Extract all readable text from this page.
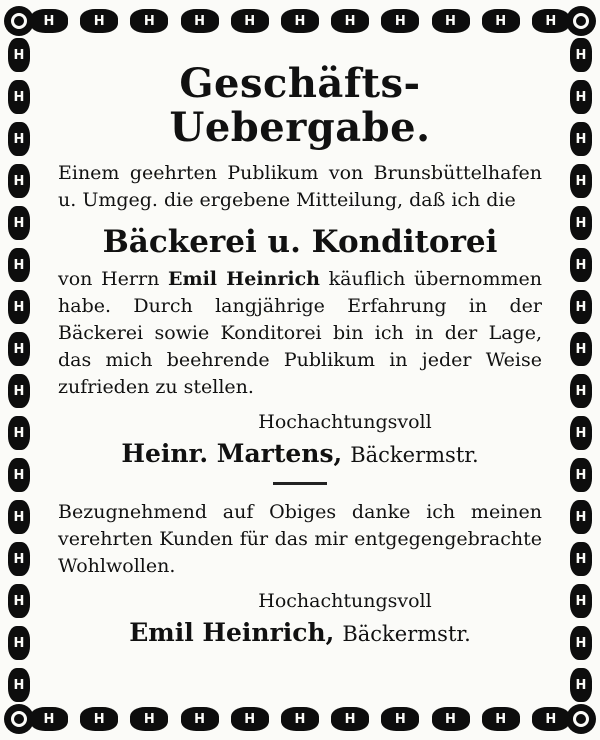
H
H
H
H
H
H
H
H
H
H
H
H
H
H
H
H
H
H
H
H
H
H
H
H
H
H
H
H
H
H
H
H
H
H
H
H
H
H
H
H
H
H
H
H
H
H
H
H
H
H
H
H
H
H
Geschäfts-Uebergabe.

Einem geehrten Publikum von Brunsbüttelhafen u. Umgeg. die ergebene Mitteilung, daß ich die

Bäckerei u. Konditorei

von Herrn Emil Heinrich käuflich übernommen habe. Durch langjährige Erfahrung in der Bäckerei sowie Konditorei bin ich in der Lage, das mich beehrende Publikum in jeder Weise zufrieden zu stellen.

Hochachtungsvoll
Heinr. Martens, Bäckermstr.

Bezugnehmend auf Obiges danke ich meinen verehrten Kunden für das mir entgegengebrachte Wohlwollen.

Hochachtungsvoll
Emil Heinrich, Bäckermstr.
